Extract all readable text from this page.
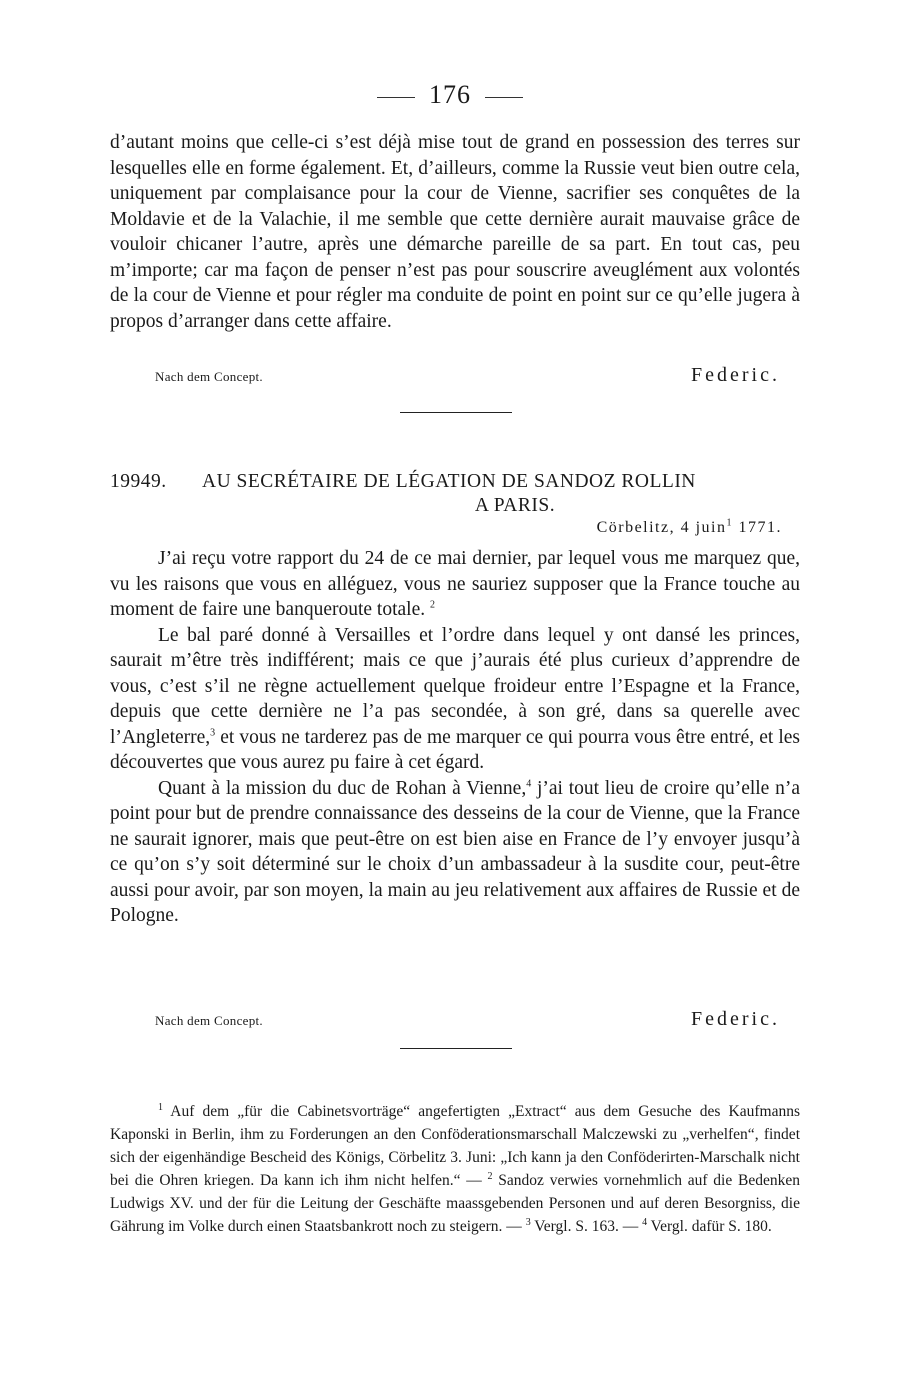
176

d’autant moins que celle-ci s’est déjà mise tout de grand en possession des terres sur lesquelles elle en forme également. Et, d’ailleurs, comme la Russie veut bien outre cela, uniquement par complaisance pour la cour de Vienne, sacrifier ses conquêtes de la Moldavie et de la Valachie, il me semble que cette dernière aurait mauvaise grâce de vouloir chicaner l’autre, après une démarche pareille de sa part. En tout cas, peu m’importe; car ma façon de penser n’est pas pour souscrire aveuglément aux volontés de la cour de Vienne et pour régler ma conduite de point en point sur ce qu’elle jugera à propos d’arranger dans cette affaire.

Nach dem Concept.	Federic.
19949. AU SECRÉTAIRE DE LÉGATION DE SANDOZ ROLLIN
A PARIS.
Cörbelitz, 4 juin$^1$ 1771.

J’ai reçu votre rapport du 24 de ce mai dernier, par lequel vous me marquez que, vu les raisons que vous en alléguez, vous ne sauriez supposer que la France touche au moment de faire une banqueroute totale. $^2$

Le bal paré donné à Versailles et l’ordre dans lequel y ont dansé les princes, saurait m’être très indifférent; mais ce que j’aurais été plus curieux d’apprendre de vous, c’est s’il ne règne actuellement quelque froideur entre l’Espagne et la France, depuis que cette dernière ne l’a pas secondée, à son gré, dans sa querelle avec l’Angleterre,$^3$ et vous ne tarderez pas de me marquer ce qui pourra vous être entré, et les découvertes que vous aurez pu faire à cet égard.

Quant à la mission du duc de Rohan à Vienne,$^4$ j’ai tout lieu de croire qu’elle n’a point pour but de prendre connaissance des desseins de la cour de Vienne, que la France ne saurait ignorer, mais que peut-être on est bien aise en France de l’y envoyer jusqu’à ce qu’on s’y soit déterminé sur le choix d’un ambassadeur à la susdite cour, peut-être aussi pour avoir, par son moyen, la main au jeu relativement aux affaires de Russie et de Pologne.

Nach dem Concept.	Federic.

$^1$ Auf dem „für die Cabinetsvorträge“ angefertigten „Extract“ aus dem Gesuche des Kaufmanns Kaponski in Berlin, ihm zu Forderungen an den Conföderationsmarschall Malczewski zu „verhelfen“, findet sich der eigenhändige Bescheid des Königs, Cörbelitz 3. Juni: „Ich kann ja den Conföderirten-Marschalk nicht bei die Ohren kriegen. Da kann ich ihm nicht helfen.“ — $^2$ Sandoz verwies vornehmlich auf die Bedenken Ludwigs XV. und der für die Leitung der Geschäfte maassgebenden Personen und auf deren Besorgniss, die Gährung im Volke durch einen Staatsbankrott noch zu steigern. — $^3$ Vergl. S. 163. — $^4$ Vergl. dafür S. 180.
